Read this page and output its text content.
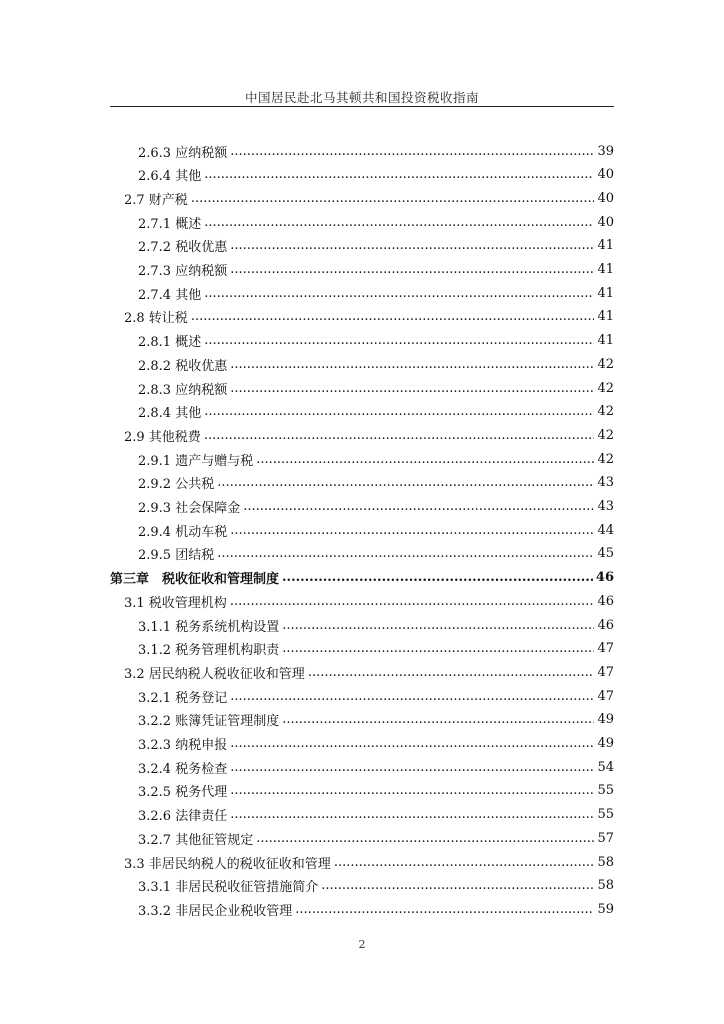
中国居民赴北马其顿共和国投资税收指南
2.6.3 应纳税额 .....	39
2.6.4 其他 .....	40
2.7 财产税 .....	40
2.7.1 概述 .....	40
2.7.2 税收优惠 .....	41
2.7.3 应纳税额 .....	41
2.7.4 其他 .....	41
2.8 转让税 .....	41
2.8.1 概述 .....	41
2.8.2 税收优惠 .....	42
2.8.3 应纳税额 .....	42
2.8.4 其他 .....	42
2.9 其他税费 .....	42
2.9.1 遗产与赠与税 .....	42
2.9.2 公共税 .....	43
2.9.3 社会保障金 .....	43
2.9.4 机动车税 .....	44
2.9.5 团结税 .....	45
第三章　税收征收和管理制度 .....	46
3.1 税收管理机构 .....	46
3.1.1 税务系统机构设置 .....	46
3.1.2 税务管理机构职责 .....	47
3.2 居民纳税人税收征收和管理 .....	47
3.2.1 税务登记 .....	47
3.2.2 账簿凭证管理制度 .....	49
3.2.3 纳税申报 .....	49
3.2.4 税务检查 .....	54
3.2.5 税务代理 .....	55
3.2.6 法律责任 .....	55
3.2.7 其他征管规定 .....	57
3.3 非居民纳税人的税收征收和管理 .....	58
3.3.1 非居民税收征管措施简介 .....	58
3.3.2 非居民企业税收管理 .....	59
2
